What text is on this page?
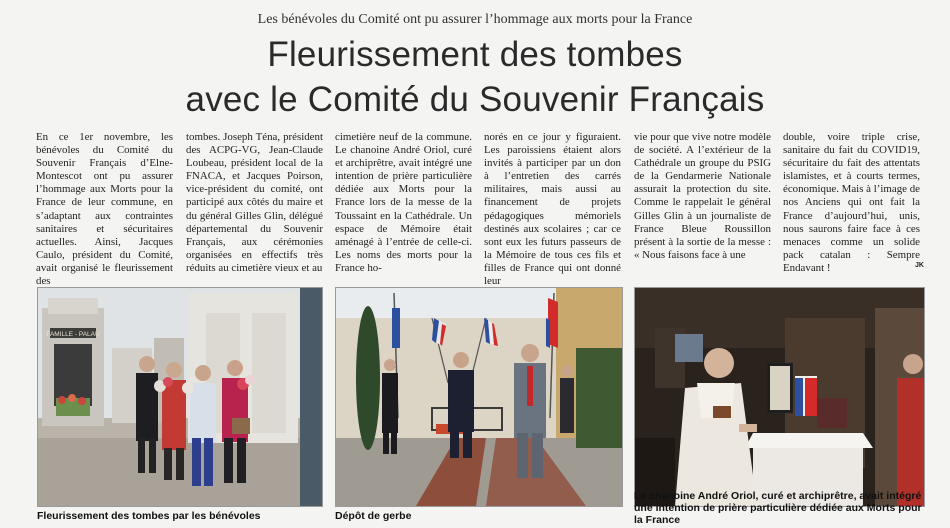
Les bénévoles du Comité ont pu assurer l’hommage aux morts pour la France
Fleurissement des tombes
avec le Comité du Souvenir Français
En ce 1er novembre, les bénévoles du Comité du Souvenir Français d’Elne-Montescot ont pu assurer l’hommage aux Morts pour la France de leur commune, en s’adaptant aux contraintes sanitaires et sécuritaires actuelles. Ainsi, Jacques Caulo, président du Comité, avait organisé le fleurissement des
tombes. Joseph Téna, président des ACPG-VG, Jean-Claude Loubeau, président local de la FNACA, et Jacques Poirson, vice-président du comité, ont participé aux côtés du maire et du général Gilles Glin, délégué départemental du Souvenir Français, aux cérémonies organisées en effectifs très réduits au cimetière vieux et au
cimetière neuf de la commune. Le chanoine André Oriol, curé et archiprêtre, avait intégré une intention de prière particulière dédiée aux Morts pour la France lors de la messe de la Toussaint en la Cathédrale. Un espace de Mémoire était aménagé à l’entrée de celle-ci. Les noms des morts pour la France ho-
norés en ce jour y figuraient. Les paroissiens étaient alors invités à participer par un don à l’entretien des carrés militaires, mais aussi au financement de projets pédagogiques mémoriels destinés aux scolaires ; car ce sont eux les futurs passeurs de la Mémoire de tous ces fils et filles de France qui ont donné leur
vie pour que vive notre modèle de société. A l’extérieur de la Cathédrale un groupe du PSIG de la Gendarmerie Nationale assurait la protection du site. Comme le rappelait le général Gilles Glin à un journaliste de France Bleue Roussillon présent à la sortie de la messe : « Nous faisons face à une
double, voire triple crise, sanitaire du fait du COVID19, sécuritaire du fait des attentats islamistes, et à courts termes, économique. Mais à l’image de nos Anciens qui ont fait la France d’aujourd’hui, unis, nous saurons faire face à ces menaces comme un solide pack catalan : Sempre Endavant !	JK
FAMILLE - PALAU
Fleurissement des tombes par les bénévoles	Dépôt de gerbe
Le chanoine André Oriol, curé et archiprêtre, avait intégré une intention de prière particulière dédiée aux Morts pour la France
